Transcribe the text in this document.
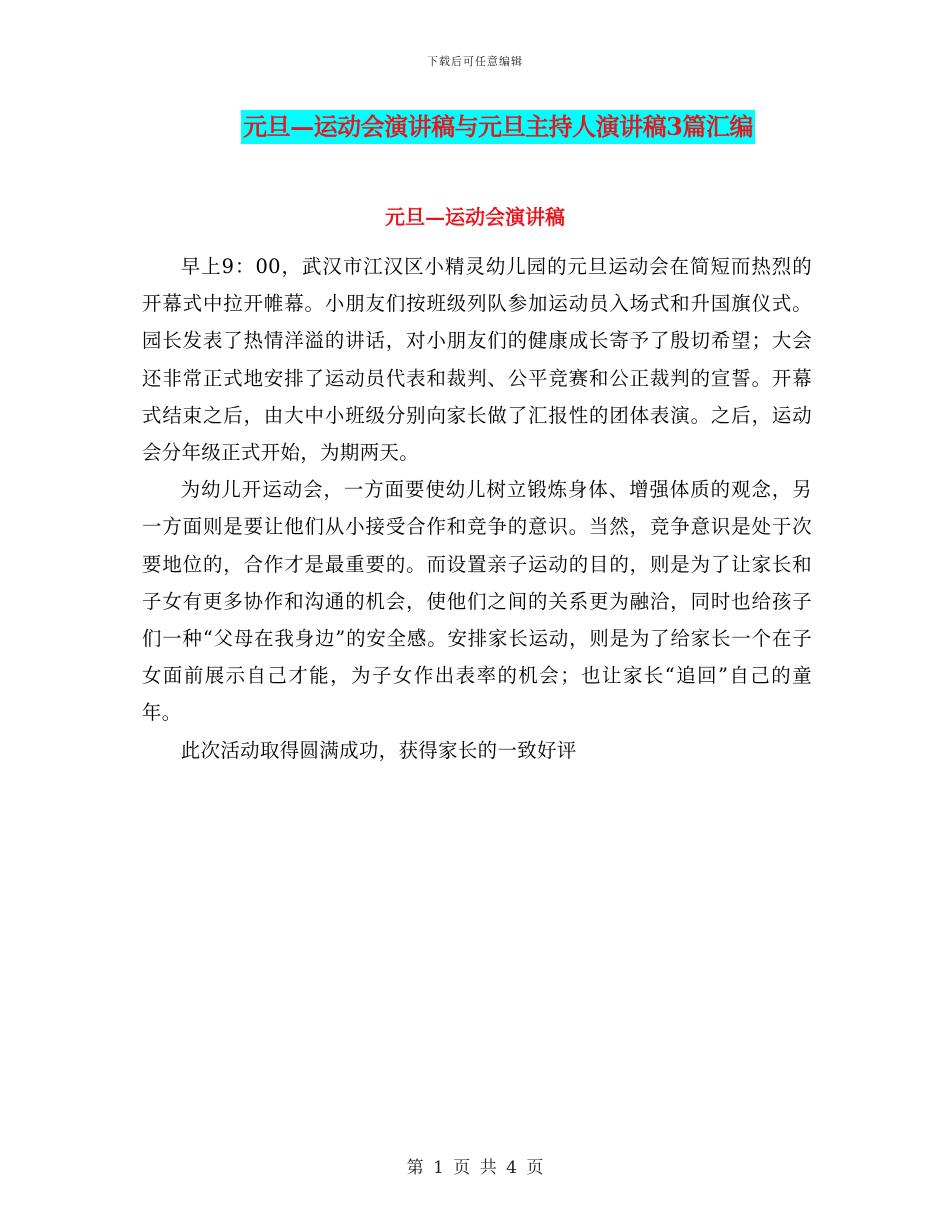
下载后可任意编辑
元旦—运动会演讲稿与元旦主持人演讲稿3篇汇编
元旦—运动会演讲稿

早上9：00，武汉市江汉区小精灵幼儿园的元旦运动会在简短而热烈的开幕式中拉开帷幕。小朋友们按班级列队参加运动员入场式和升国旗仪式。园长发表了热情洋溢的讲话，对小朋友们的健康成长寄予了殷切希望；大会还非常正式地安排了运动员代表和裁判、公平竞赛和公正裁判的宣誓。开幕式结束之后，由大中小班级分别向家长做了汇报性的团体表演。之后，运动会分年级正式开始，为期两天。

为幼儿开运动会，一方面要使幼儿树立锻炼身体、增强体质的观念，另一方面则是要让他们从小接受合作和竞争的意识。当然，竞争意识是处于次要地位的，合作才是最重要的。而设置亲子运动的目的，则是为了让家长和子女有更多协作和沟通的机会，使他们之间的关系更为融洽，同时也给孩子们一种“父母在我身边”的安全感。安排家长运动，则是为了给家长一个在子女面前展示自己才能，为子女作出表率的机会；也让家长“追回”自己的童年。

此次活动取得圆满成功，获得家长的一致好评

第 1 页 共 4 页
